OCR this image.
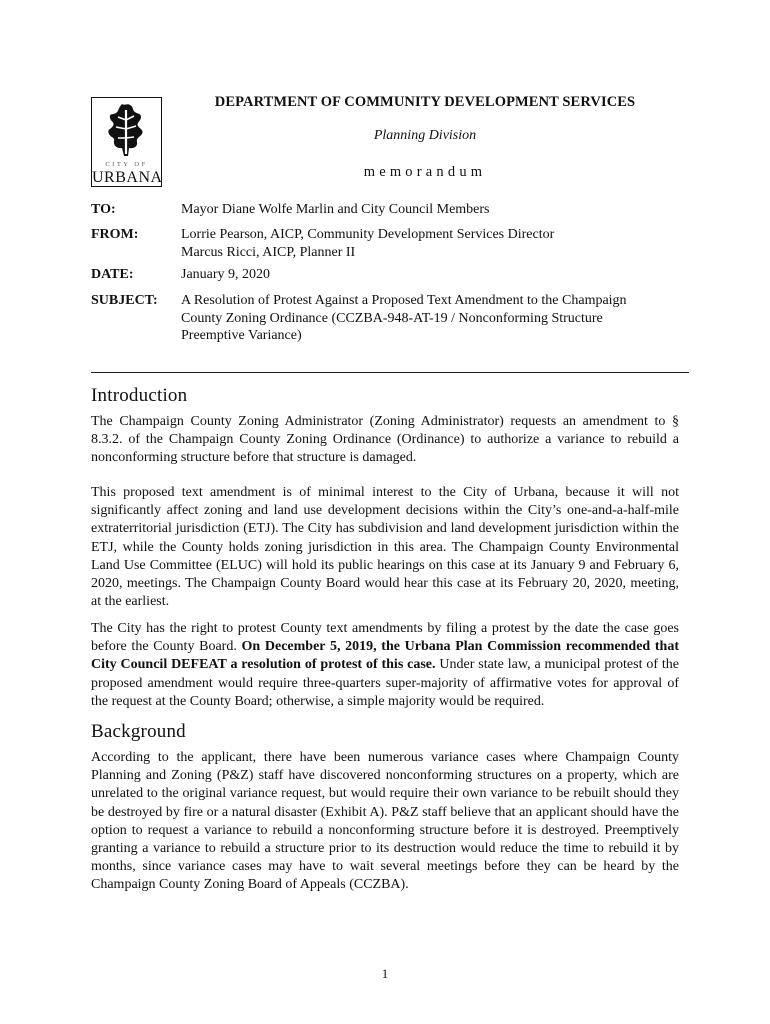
CITY OF
URBANA
DEPARTMENT OF COMMUNITY DEVELOPMENT SERVICES
Planning Division
memorandum
TO:	Mayor Diane Wolfe Marlin and City Council Members
FROM:	Lorrie Pearson, AICP, Community Development Services Director
Marcus Ricci, AICP, Planner II
DATE:	January 9, 2020
SUBJECT: A Resolution of Protest Against a Proposed Text Amendment to the Champaign County Zoning Ordinance (CCZBA-948-AT-19 / Nonconforming Structure Preemptive Variance)
Introduction

The Champaign County Zoning Administrator (Zoning Administrator) requests an amendment to § 8.3.2. of the Champaign County Zoning Ordinance (Ordinance) to authorize a variance to rebuild a nonconforming structure before that structure is damaged.

This proposed text amendment is of minimal interest to the City of Urbana, because it will not significantly affect zoning and land use development decisions within the City’s one-and-a-half-mile extraterritorial jurisdiction (ETJ). The City has subdivision and land development jurisdiction within the ETJ, while the County holds zoning jurisdiction in this area. The Champaign County Environmental Land Use Committee (ELUC) will hold its public hearings on this case at its January 9 and February 6, 2020, meetings. The Champaign County Board would hear this case at its February 20, 2020, meeting, at the earliest.

The City has the right to protest County text amendments by filing a protest by the date the case goes before the County Board. On December 5, 2019, the Urbana Plan Commission recommended that City Council DEFEAT a resolution of protest of this case. Under state law, a municipal protest of the proposed amendment would require three-quarters super-majority of affirmative votes for approval of the request at the County Board; otherwise, a simple majority would be required.

Background

According to the applicant, there have been numerous variance cases where Champaign County Planning and Zoning (P&Z) staff have discovered nonconforming structures on a property, which are unrelated to the original variance request, but would require their own variance to be rebuilt should they be destroyed by fire or a natural disaster (Exhibit A). P&Z staff believe that an applicant should have the option to request a variance to rebuild a nonconforming structure before it is destroyed. Preemptively granting a variance to rebuild a structure prior to its destruction would reduce the time to rebuild it by months, since variance cases may have to wait several meetings before they can be heard by the Champaign County Zoning Board of Appeals (CCZBA).

1
